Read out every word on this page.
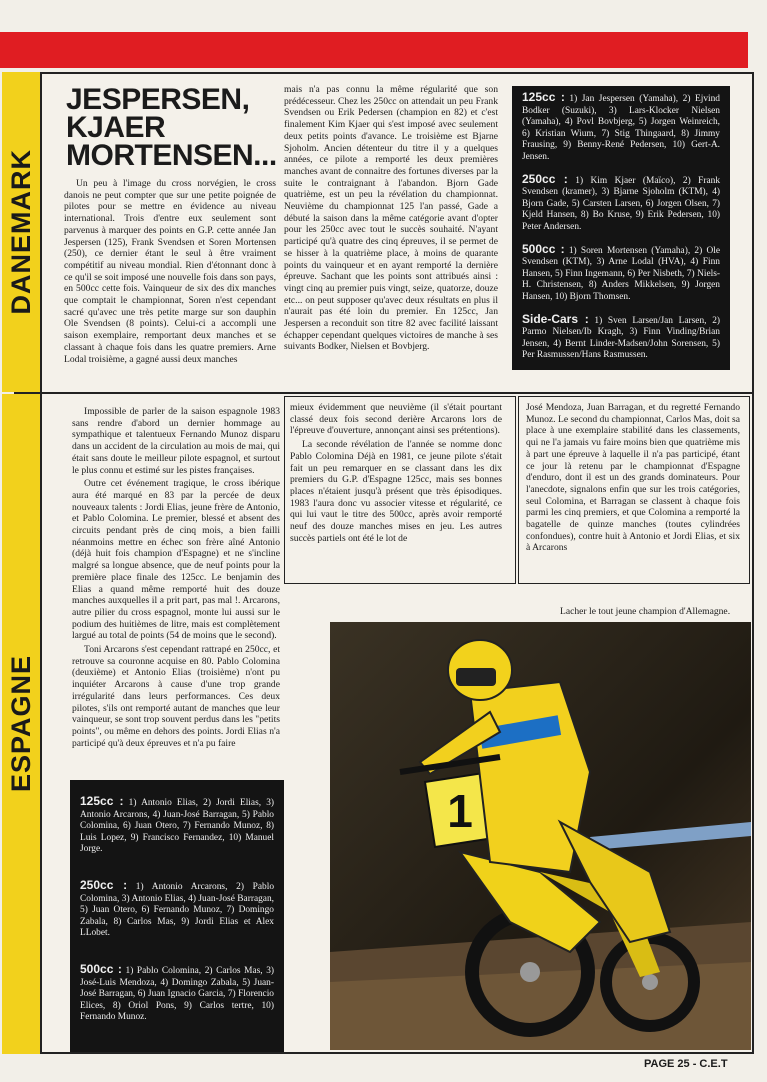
DANEMARK
ESPAGNE
JESPERSEN, KJAER MORTENSEN...

Un peu à l'image du cross norvégien, le cross danois ne peut compter que sur une petite poignée de pilotes pour se mettre en évidence au niveau international. Trois d'entre eux seulement sont parvenus à marquer des points en G.P. cette année Jan Jespersen (125), Frank Svendsen et Soren Mortensen (250), ce dernier étant le seul à être vraiment compétitif au niveau mondial. Rien d'étonnant donc à ce qu'il se soit imposé une nouvelle fois dans son pays, en 500cc cette fois. Vainqueur de six des dix manches que comptait le championnat, Soren n'est cependant sacré qu'avec une très petite marge sur son dauphin Ole Svendsen (8 points). Celui-ci a accompli une saison exemplaire, remportant deux manches et se classant à chaque fois dans les quatre premiers. Arne Lodal troisième, a gagné aussi deux manches

mais n'a pas connu la même régularité que son prédécesseur. Chez les 250cc on attendait un peu Frank Svendsen ou Erik Pedersen (champion en 82) et c'est finalement Kim Kjaer qui s'est imposé avec seulement deux petits points d'avance. Le troisième est Bjarne Sjoholm. Ancien détenteur du titre il y a quelques années, ce pilote a remporté les deux premières manches avant de connaitre des fortunes diverses par la suite le contraignant à l'abandon. Bjorn Gade quatrième, est un peu la révélation du championnat. Neuvième du championnat 125 l'an passé, Gade a débuté la saison dans la même catégorie avant d'opter pour les 250cc avec tout le succès souhaité. N'ayant participé qu'à quatre des cinq épreuves, il se permet de se hisser à la quatrième place, à moins de quarante points du vainqueur et en ayant remporté la dernière épreuve. Sachant que les points sont attribués ainsi : vingt cinq au premier puis vingt, seize, quatorze, douze etc... on peut supposer qu'avec deux résultats en plus il n'aurait pas été loin du premier. En 125cc, Jan Jespersen a reconduit son titre 82 avec facilité laissant échapper cependant quelques victoires de manche à ses suivants Bodker, Nielsen et Bovbjerg.

125cc : 1) Jan Jespersen (Yamaha), 2) Ejvind Bodker (Suzuki), 3) Lars-Klocker Nielsen (Yamaha), 4) Povl Bovbjerg, 5) Jorgen Weinreich, 6) Kristian Wium, 7) Stig Thingaard, 8) Jimmy Frausing, 9) Benny-René Pedersen, 10) Gert-A. Jensen.
250cc : 1) Kim Kjaer (Maïco), 2) Frank Svendsen (kramer), 3) Bjarne Sjoholm (KTM), 4) Bjorn Gade, 5) Carsten Larsen, 6) Jorgen Olsen, 7) Kjeld Hansen, 8) Bo Kruse, 9) Erik Pedersen, 10) Peter Andersen.
500cc : 1) Soren Mortensen (Yamaha), 2) Ole Svendsen (KTM), 3) Arne Lodal (HVA), 4) Finn Hansen, 5) Finn Ingemann, 6) Per Nisbeth, 7) Niels-H. Christensen, 8) Anders Mikkelsen, 9) Jorgen Hansen, 10) Bjorn Thomsen.
Side-Cars : 1) Sven Larsen/Jan Larsen, 2) Parmo Nielsen/Ib Kragh, 3) Finn Vinding/Brian Jensen, 4) Bernt Linder-Madsen/John Sorensen, 5) Per Rasmussen/Hans Rasmussen.

Impossible de parler de la saison espagnole 1983 sans rendre d'abord un dernier hommage au sympathique et talentueux Fernando Munoz disparu dans un accident de la circulation au mois de mai, qui était sans doute le meilleur pilote espagnol, et surtout le plus connu et estimé sur les pistes françaises.

Outre cet événement tragique, le cross ibérique aura été marqué en 83 par la percée de deux nouveaux talents : Jordi Elias, jeune frère de Antonio, et Pablo Colomina. Le premier, blessé et absent des circuits pendant près de cinq mois, a bien failli néanmoins mettre en échec son frère aîné Antonio (déjà huit fois champion d'Espagne) et ne s'incline malgré sa longue absence, que de neuf points pour la première place finale des 125cc. Le benjamin des Elias a quand même remporté huit des douze manches auxquelles il a prit part, pas mal !. Arcarons, autre pilier du cross espagnol, monte lui aussi sur le podium des huitièmes de litre, mais est complètement largué au total de points (54 de moins que le second).

Toni Arcarons s'est cependant rattrapé en 250cc, et retrouve sa couronne acquise en 80. Pablo Colomina (deuxième) et Antonio Elias (troisième) n'ont pu inquiéter Arcarons à cause d'une trop grande irrégularité dans leurs performances. Ces deux pilotes, s'ils ont remporté autant de manches que leur vainqueur, se sont trop souvent perdus dans les "petits points", ou même en dehors des points. Jordi Elias n'a participé qu'à deux épreuves et n'a pu faire

mieux évidemment que neuvième (il s'était pourtant classé deux fois second derière Arcarons lors de l'épreuve d'ouverture, annonçant ainsi ses prétentions).

La seconde révélation de l'année se nomme donc Pablo Colomina Déjà en 1981, ce jeune pilote s'était fait un peu remarquer en se classant dans les dix premiers du G.P. d'Espagne 125cc, mais ses bonnes places n'étaient jusqu'à présent que très épisodiques. 1983 l'aura donc vu associer vitesse et régularité, ce qui lui vaut le titre des 500cc, après avoir remporté neuf des douze manches mises en jeu. Les autres succès partiels ont été le lot de

José Mendoza, Juan Barragan, et du regretté Fernando Munoz. Le second du championnat, Carlos Mas, doit sa place à une exemplaire stabilité dans les classements, qui ne l'a jamais vu faire moins bien que quatrième mis à part une épreuve à laquelle il n'a pas participé, étant ce jour là retenu par le championnat d'Espagne d'enduro, dont il est un des grands dominateurs. Pour l'anecdote, signalons enfin que sur les trois catégories, seul Colomina, et Barragan se classent à chaque fois parmi les cinq premiers, et que Colomina a remporté la bagatelle de quinze manches (toutes cylindrées confondues), contre huit à Antonio et Jordi Elias, et six à Arcarons

125cc : 1) Antonio Elias, 2) Jordi Elias, 3) Antonio Arcarons, 4) Juan-José Barragan, 5) Pablo Colomina, 6) Juan Otero, 7) Fernando Munoz, 8) Luis Lopez, 9) Francisco Fernandez, 10) Manuel Jorge.
250cc : 1) Antonio Arcarons, 2) Pablo Colomina, 3) Antonio Elias, 4) Juan-José Barragan, 5) Juan Otero, 6) Fernando Munoz, 7) Domingo Zabala, 8) Carlos Mas, 9) Jordi Elias et Alex LLobet.
500cc : 1) Pablo Colomina, 2) Carlos Mas, 3) José-Luis Mendoza, 4) Domingo Zabala, 5) Juan-José Barragan, 6) Juan Ignacio Garcia, 7) Florencio Elices, 8) Oriol Pons, 9) Carlos tertre, 10) Fernando Munoz.
Lacher le tout jeune champion d'Allemagne.
1
PAGE 25 - C.E.T
